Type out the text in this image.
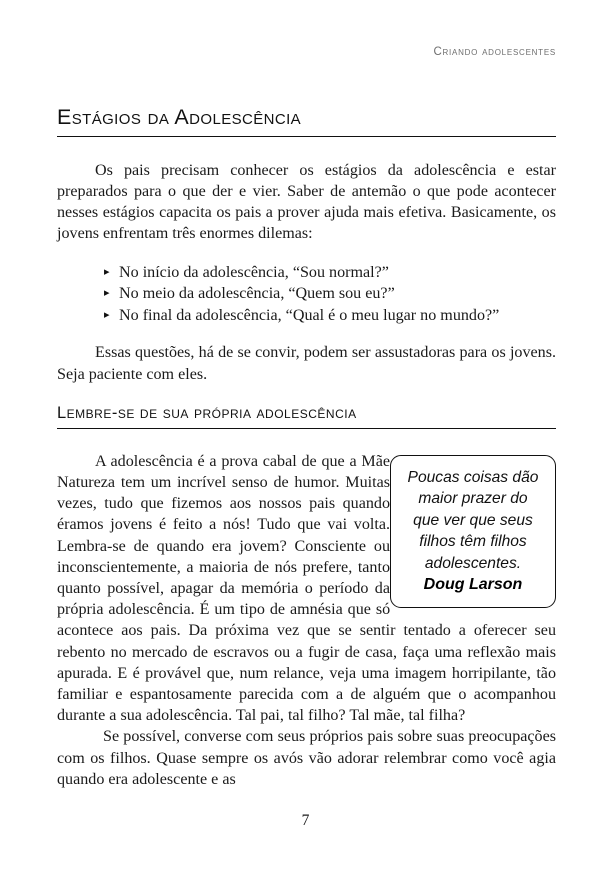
Criando adolescentes
Estágios da Adolescência

Os pais precisam conhecer os estágios da adolescência e estar preparados para o que der e vier. Saber de antemão o que pode acontecer nesses estágios capacita os pais a prover ajuda mais efetiva. Basicamente, os jovens enfrentam três enormes dilemas:

▸ No início da adolescência, “Sou normal?”
▸ No meio da adolescência, “Quem sou eu?”
▸ No final da adolescência, “Qual é o meu lugar no mundo?”

Essas questões, há de se convir, podem ser assustadoras para os jovens. Seja paciente com eles.

Lembre-se de sua própria adolescência
Poucas coisas dão
maior prazer do
que ver que seus
filhos têm filhos
adolescentes.
Doug Larson

A adolescência é a prova cabal de que a Mãe Natureza tem um incrível senso de humor. Muitas vezes, tudo que fizemos aos nossos pais quando éramos jovens é feito a nós! Tudo que vai volta. Lembra-se de quando era jovem? Consciente ou inconscientemente, a maioria de nós prefere, tanto quanto possível, apagar da memória o período da própria adolescência. É um tipo de amnésia que só acontece aos pais. Da próxima vez que se sentir tentado a oferecer seu rebento no mercado de escravos ou a fugir de casa, faça uma reflexão mais apurada. E é provável que, num relance, veja uma imagem horripilante, tão familiar e espantosamente parecida com a de alguém que o acompanhou durante a sua adolescência. Tal pai, tal filho? Tal mãe, tal filha?

Se possível, converse com seus próprios pais sobre suas preocupações com os filhos. Quase sempre os avós vão adorar relembrar como você agia quando era adolescente e as

7
